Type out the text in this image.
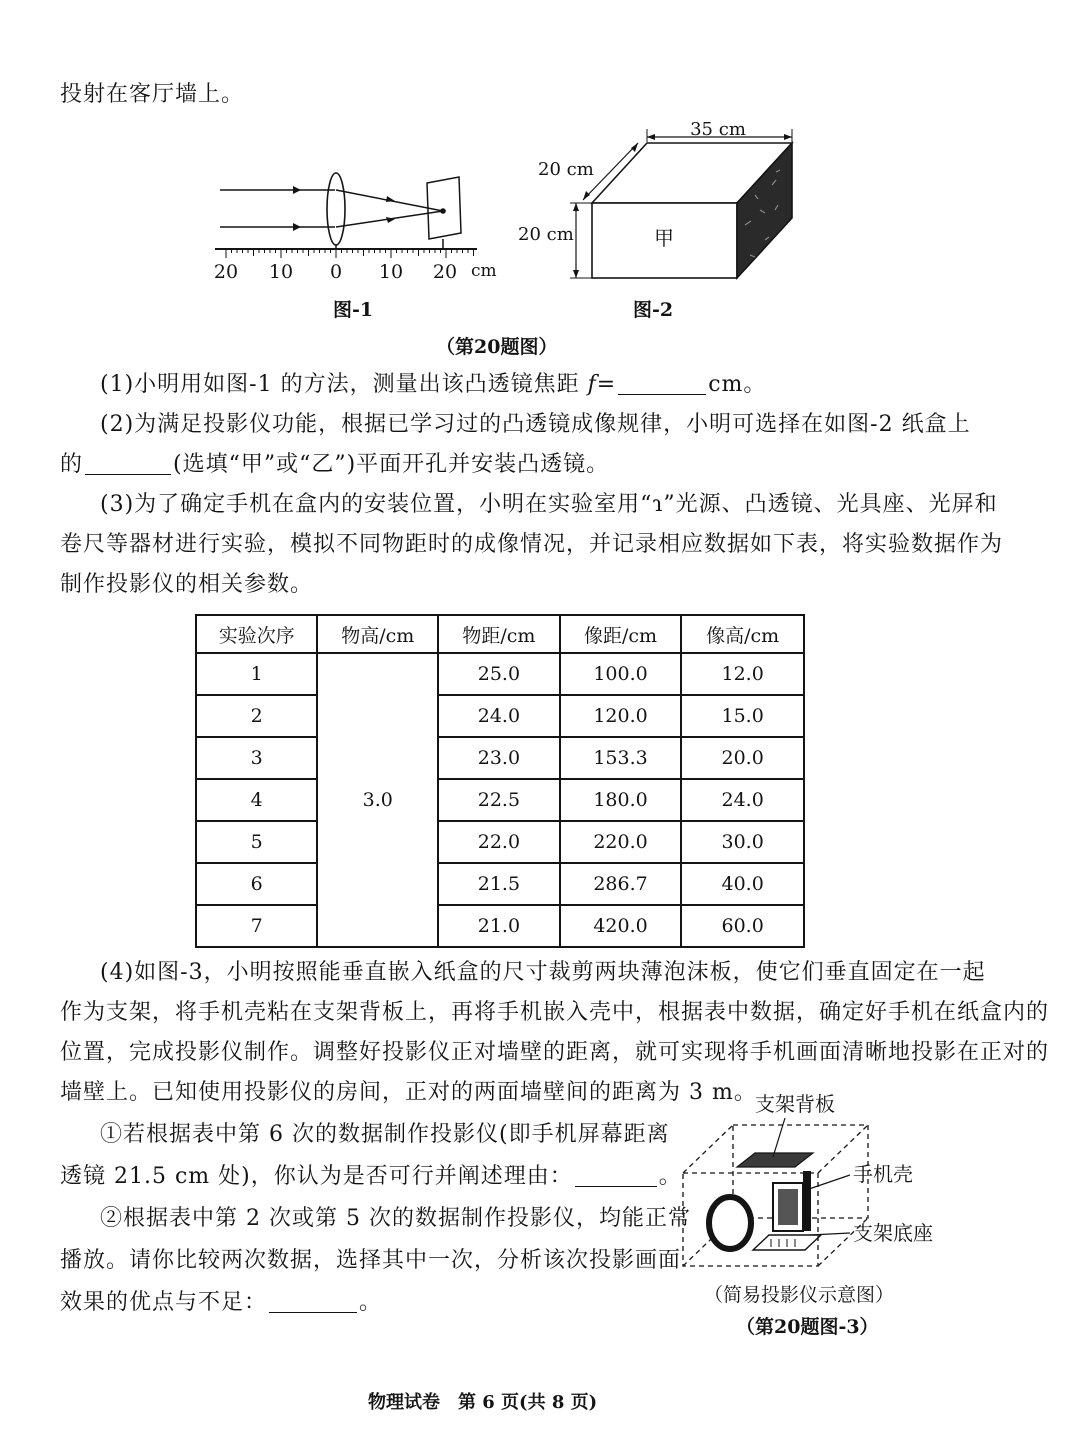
投射在客厅墙上。
20 10 0 10 20 cm
图-1
35 cm
20 cm
20 cm	甲
图-2
（第20题图）
(1)小明用如图-1 的方法，测量出该凸透镜焦距 f=	cm。
(2)为满足投影仪功能，根据已学习过的凸透镜成像规律，小明可选择在如图-2 纸盒上
的	(选填“甲”或“乙”)平面开孔并安装凸透镜。
(3)为了确定手机在盒内的安装位置，小明在实验室用“ɿ”光源、凸透镜、光具座、光屏和
卷尺等器材进行实验，模拟不同物距时的成像情况，并记录相应数据如下表，将实验数据作为
制作投影仪的相关参数。
实验次序	物高/cm	物距/cm	像距/cm	像高/cm
1	3.0	25.0	100.0	12.0
2		24.0	120.0	15.0
3		23.0	153.3	20.0
4		22.5	180.0	24.0
5		22.0	220.0	30.0
6		21.5	286.7	40.0
7		21.0	420.0	60.0
(4)如图-3，小明按照能垂直嵌入纸盒的尺寸裁剪两块薄泡沫板，使它们垂直固定在一起
作为支架，将手机壳粘在支架背板上，再将手机嵌入壳中，根据表中数据，确定好手机在纸盒内的
位置，完成投影仪制作。调整好投影仪正对墙壁的距离，就可实现将手机画面清晰地投影在正对的
墙壁上。已知使用投影仪的房间，正对的两面墙壁间的距离为 3 m。
①若根据表中第 6 次的数据制作投影仪(即手机屏幕距离
透镜 21.5 cm 处)，你认为是否可行并阐述理由：	。
②根据表中第 2 次或第 5 次的数据制作投影仪，均能正常
播放。请你比较两次数据，选择其中一次，分析该次投影画面
效果的优点与不足：	。
支架背板
手机壳
支架底座
（简易投影仪示意图）
（第20题图-3）
物理试卷　第 6 页(共 8 页)
